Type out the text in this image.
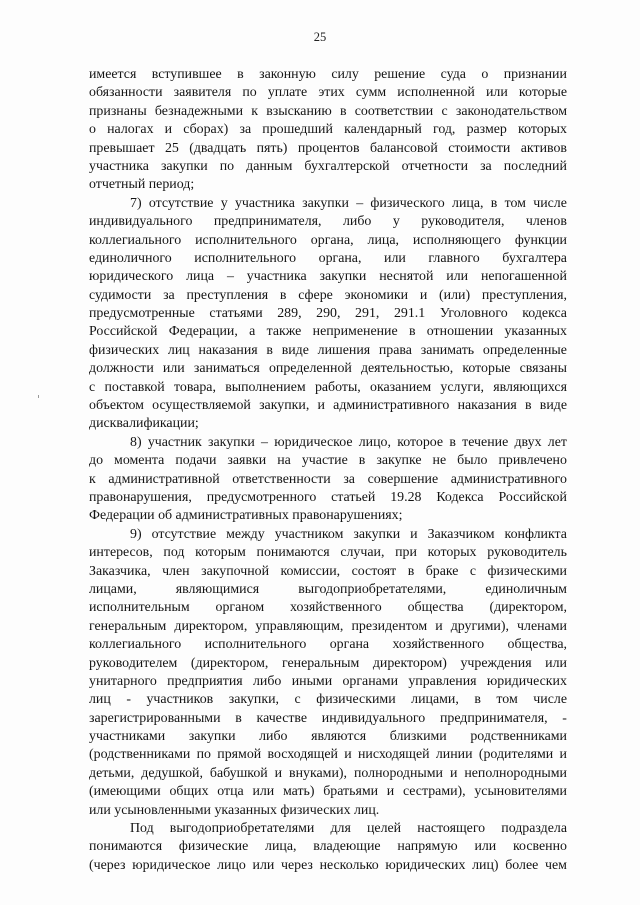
25
имеется вступившее в законную силу решение суда о признании
обязанности заявителя по уплате этих сумм исполненной или которые
признаны безнадежными к взысканию в соответствии с законодательством
о налогах и сборах) за прошедший календарный год, размер которых
превышает 25 (двадцать пять) процентов балансовой стоимости активов
участника закупки по данным бухгалтерской отчетности за последний
отчетный период;
7) отсутствие у участника закупки – физического лица, в том числе
индивидуального предпринимателя, либо у руководителя, членов
коллегиального исполнительного органа, лица, исполняющего функции
единоличного исполнительного органа, или главного бухгалтера
юридического лица – участника закупки неснятой или непогашенной
судимости за преступления в сфере экономики и (или) преступления,
предусмотренные статьями 289, 290, 291, 291.1 Уголовного кодекса
Российской Федерации, а также неприменение в отношении указанных
физических лиц наказания в виде лишения права занимать определенные
должности или заниматься определенной деятельностью, которые связаны
с поставкой товара, выполнением работы, оказанием услуги, являющихся
объектом осуществляемой закупки, и административного наказания в виде
дисквалификации;
8) участник закупки – юридическое лицо, которое в течение двух лет
до момента подачи заявки на участие в закупке не было привлечено
к административной ответственности за совершение административного
правонарушения, предусмотренного статьей 19.28 Кодекса Российской
Федерации об административных правонарушениях;
9) отсутствие между участником закупки и Заказчиком конфликта
интересов, под которым понимаются случаи, при которых руководитель
Заказчика, член закупочной комиссии, состоят в браке с физическими
лицами,	являющимися	выгодоприобретателями,	единоличным
исполнительным органом хозяйственного общества (директором,
генеральным директором, управляющим, президентом и другими), членами
коллегиального исполнительного органа хозяйственного общества,
руководителем (директором, генеральным директором) учреждения или
унитарного предприятия либо иными органами управления юридических
лиц - участников закупки, с физическими лицами, в том числе
зарегистрированными в качестве индивидуального предпринимателя, -
участниками закупки либо являются близкими родственниками
(родственниками по прямой восходящей и нисходящей линии (родителями и
детьми, дедушкой, бабушкой и внуками), полнородными и неполнородными
(имеющими общих отца или мать) братьями и сестрами), усыновителями
или усыновленными указанных физических лиц.
Под выгодоприобретателями для целей настоящего подраздела
понимаются физические лица, владеющие напрямую или косвенно
(через юридическое лицо или через несколько юридических лиц) более чем
